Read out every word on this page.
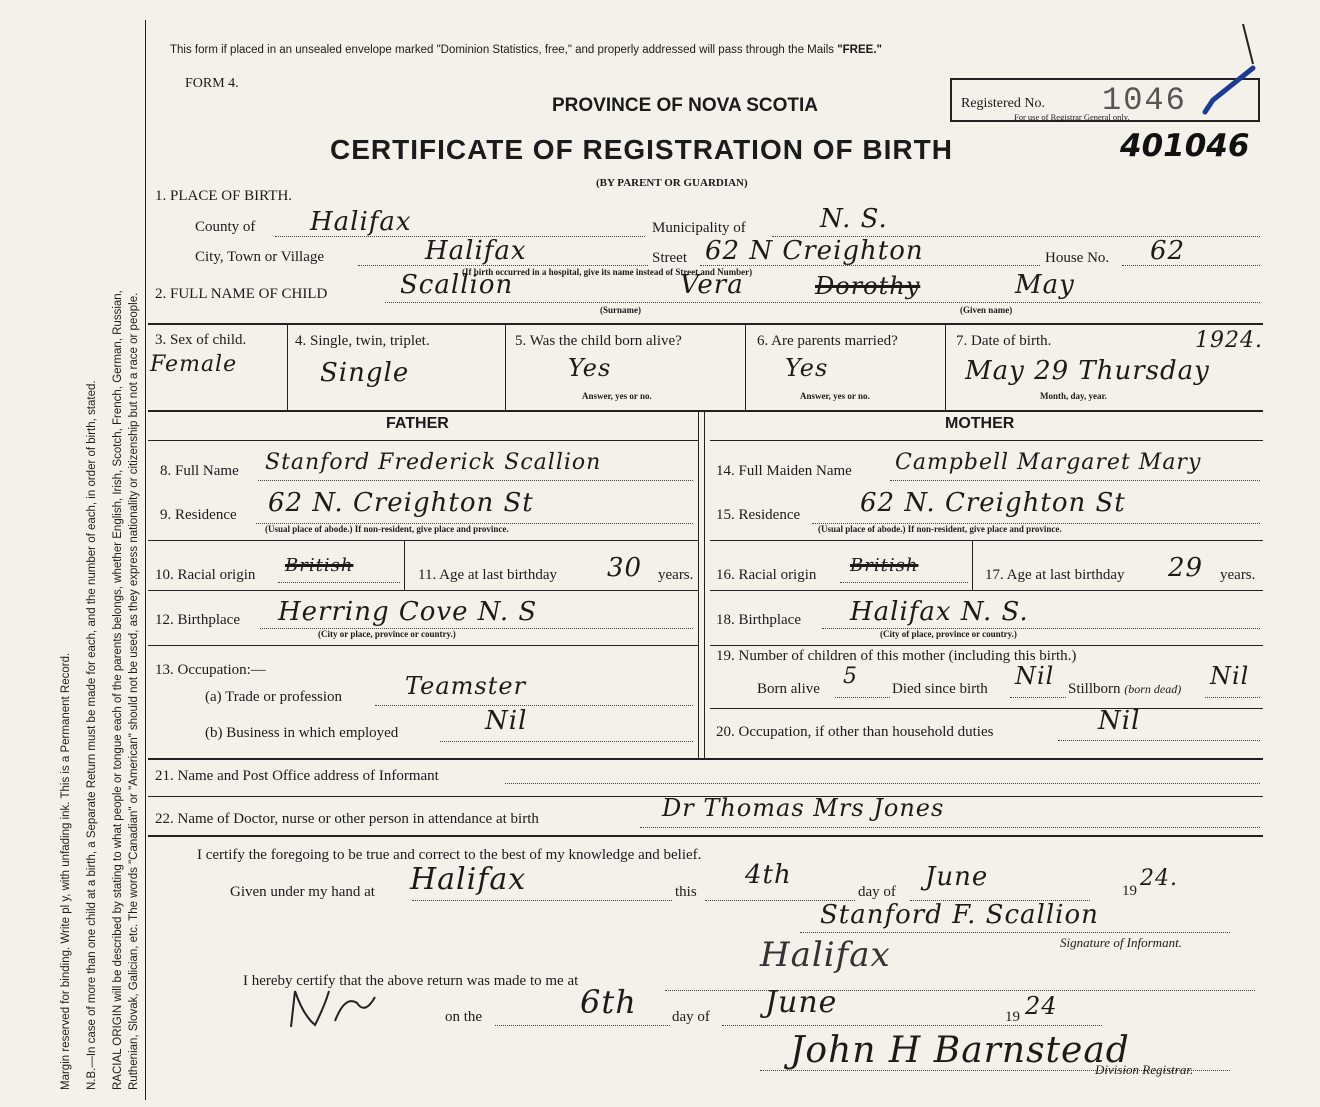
Margin reserved for binding. Write pl y, with unfading ink. This is a Permanent Record. N.B.—In case of more than one child at a birth, a Separate Return must be made for each, and the number of each, in order of birth, stated. RACIAL ORIGIN will be described by stating to what people or tongue each of the parents belongs, whether English, Irish, Scotch, French, German, Russian, Ruthenian, Slovak, Galician, etc. The words "Canadian" or "American" should not be used, as they express nationality or citizenship but not a race or people.
This form if placed in an unsealed envelope marked "Dominion Statistics, free," and properly addressed will pass through the Mails "FREE."
FORM 4.
PROVINCE OF NOVA SCOTIA	Registered No. 1046
For use of Registrar General only.
CERTIFICATE OF REGISTRATION OF BIRTH	401046
(BY PARENT OR GUARDIAN)
1. PLACE OF BIRTH.
County of Halifax	Municipality of	N. S.
City, Town or Village	Halifax	Street 62 N Creighton	House No. 62
(If birth occurred in a hospital, give its name instead of Street and Number)
2. FULL NAME OF CHILD	Scallion	Vera	Dorothy	May
(Surname)	(Given name)
3. Sex of child.
Female
4. Single, twin, triplet.
Single
5. Was the child born alive?
Yes
Answer, yes or no.
6. Are parents married?
Yes
Answer, yes or no.
7. Date of birth.	1924.
May 29 Thursday
Month, day, year.
FATHER	MOTHER
8. Full Name Stanford Frederick Scallion
9. Residence 62 N. Creighton St
(Usual place of abode.) If non-resident, give place and province.
10. Racial origin British	11. Age at last birthday 30 years.
12. Birthplace Herring Cove N. S
(City or place, province or country.)
13. Occupation:—
(a) Trade or profession	Teamster
(b) Business in which employed	Nil
14. Full Maiden Name Campbell Margaret Mary
15. Residence 62 N. Creighton St
(Usual place of abode.) If non-resident, give place and province.
16. Racial origin British	17. Age at last birthday 29 years.
18. Birthplace Halifax N. S.
(City of place, province or country.)
19. Number of children of this mother (including this birth.)
Born alive 5 Died since birth Nil Stillborn (born dead) Nil
20. Occupation, if other than household duties	Nil
21. Name and Post Office address of Informant
22. Name of Doctor, nurse or other person in attendance at birth	Dr Thomas Mrs Jones
I certify the foregoing to be true and correct to the best of my knowledge and belief.
Given under my hand at Halifax	this
4th
day of June	19 24.
Stanford F. Scallion
Signature of Informant.
I hereby certify that the above return was made to me at
Halifax
on the	6th day of June	19 24
John H Barnstead
Division Registrar.
